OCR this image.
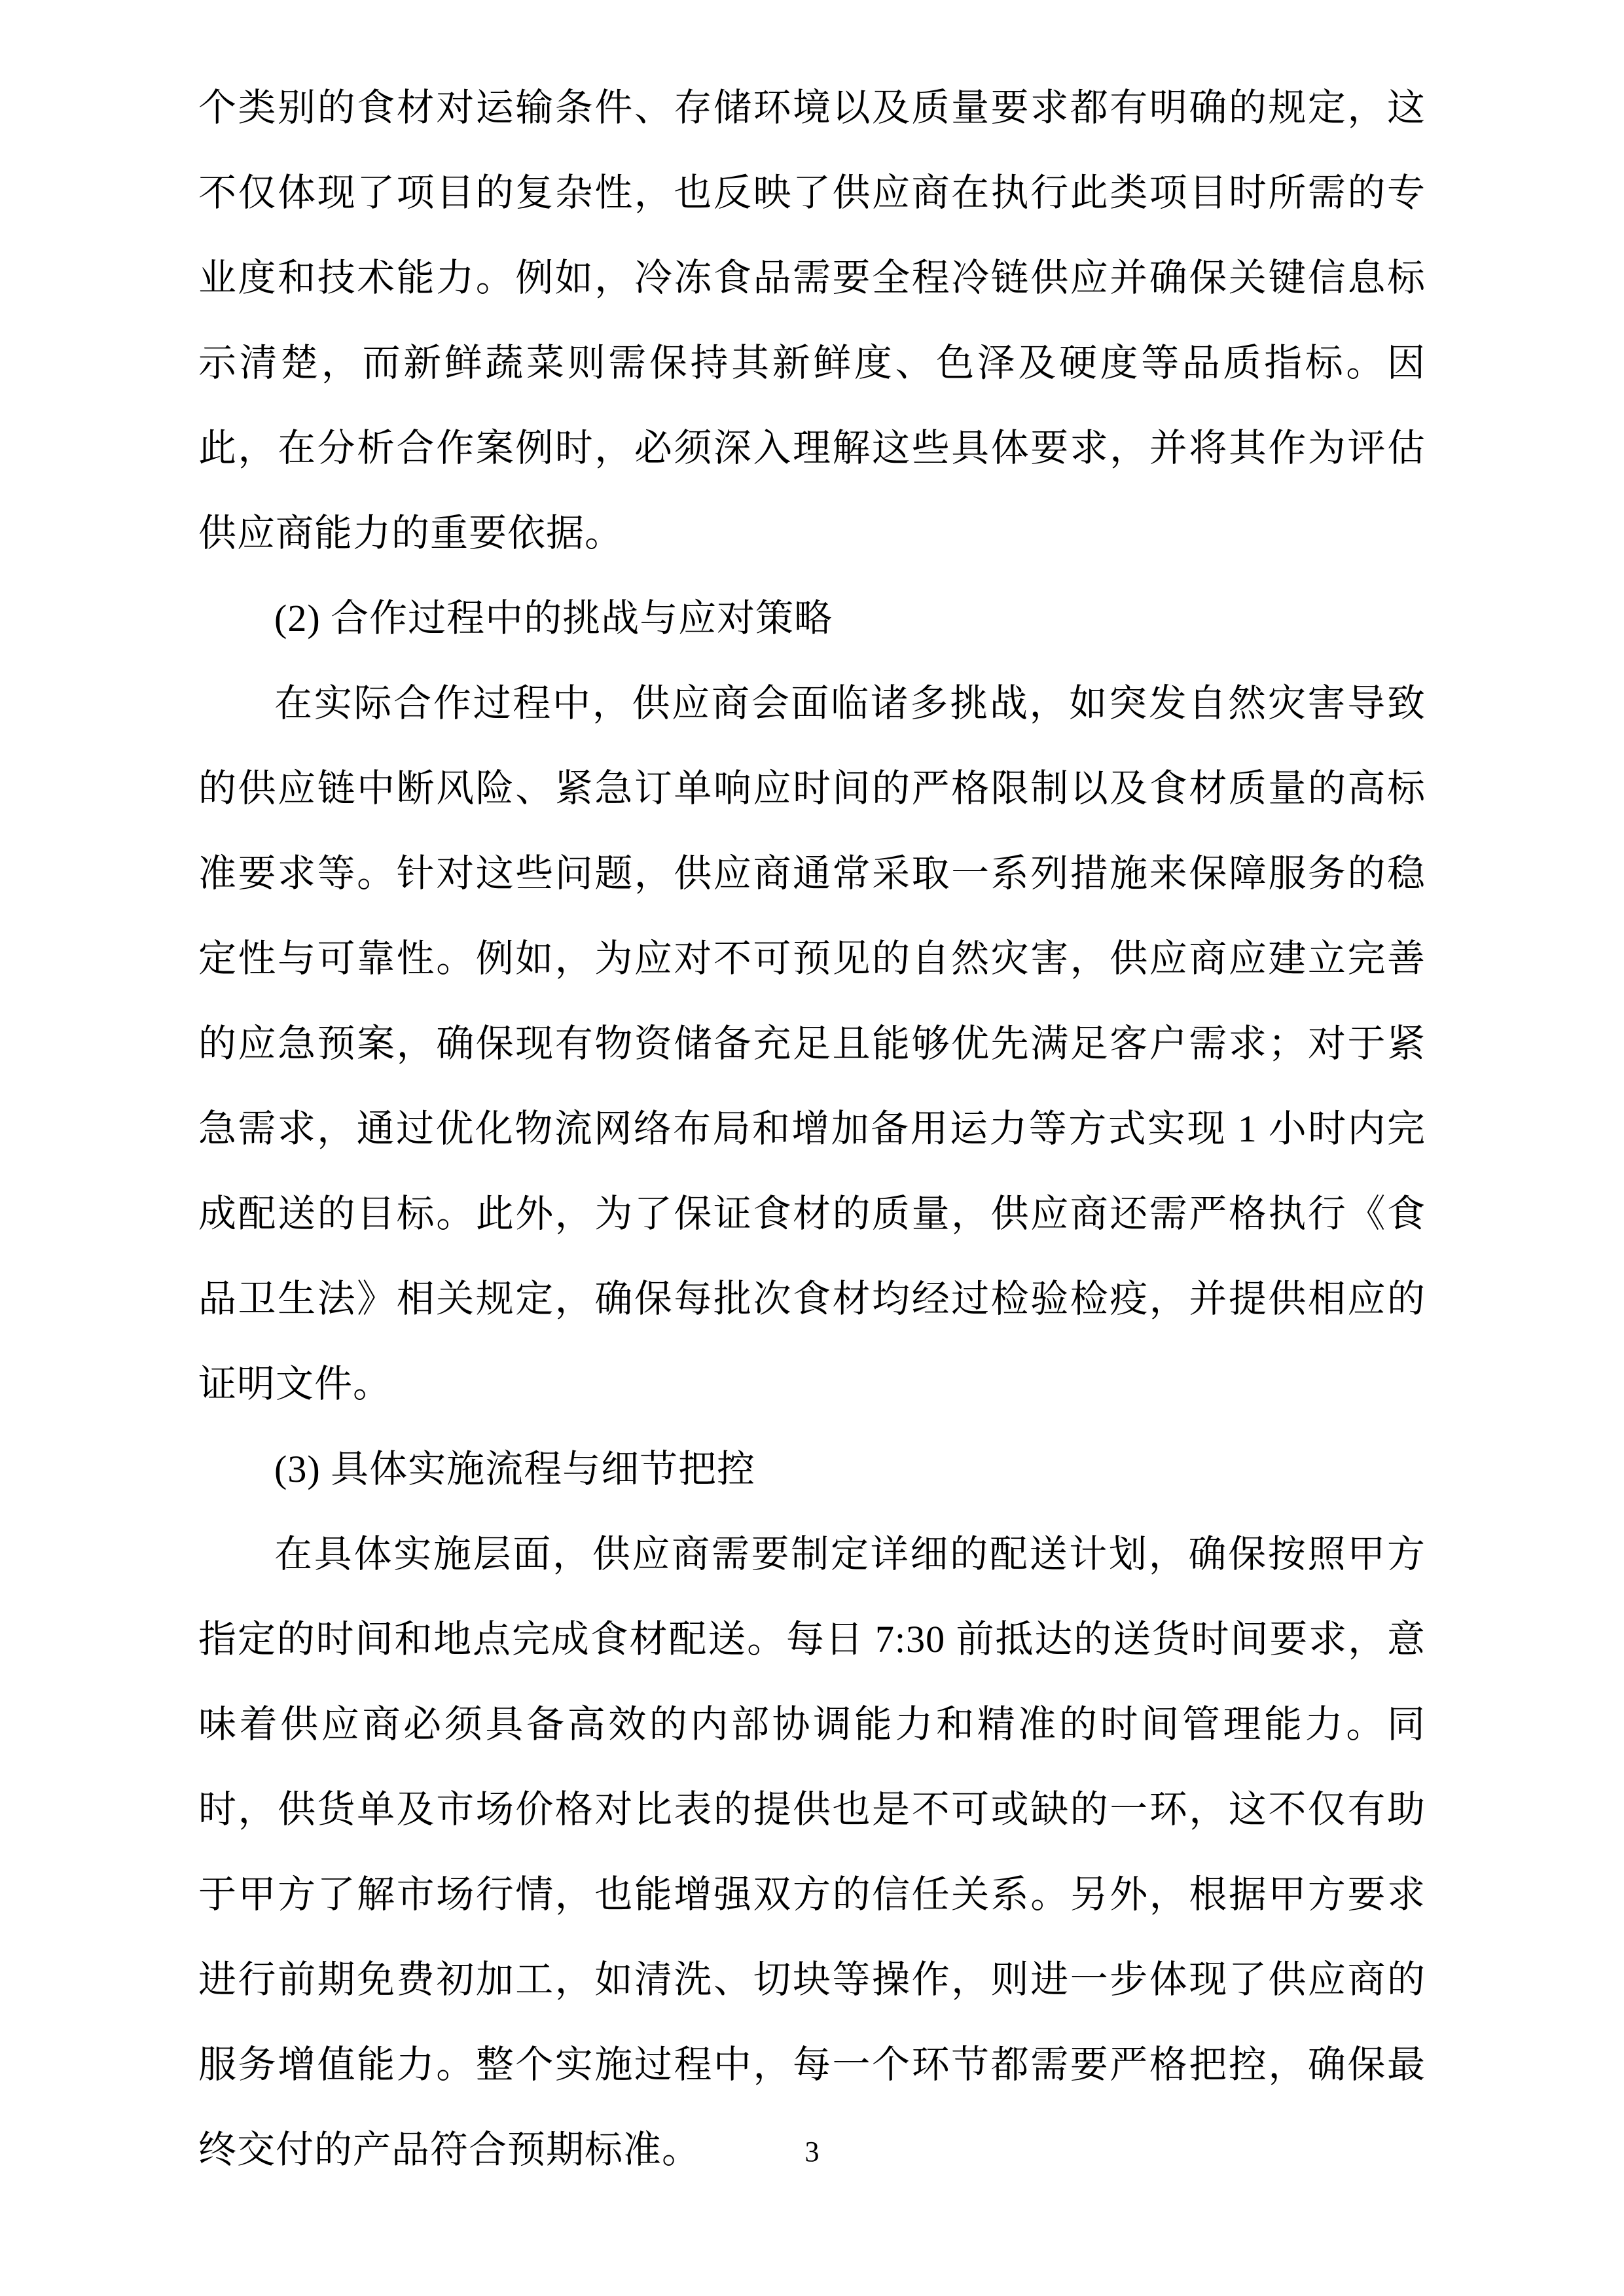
个类别的食材对运输条件、存储环境以及质量要求都有明确的规定，这不仅体现了项目的复杂性，也反映了供应商在执行此类项目时所需的专业度和技术能力。例如，冷冻食品需要全程冷链供应并确保关键信息标示清楚，而新鲜蔬菜则需保持其新鲜度、色泽及硬度等品质指标。因此，在分析合作案例时，必须深入理解这些具体要求，并将其作为评估供应商能力的重要依据。

(2) 合作过程中的挑战与应对策略

在实际合作过程中，供应商会面临诸多挑战，如突发自然灾害导致的供应链中断风险、紧急订单响应时间的严格限制以及食材质量的高标准要求等。针对这些问题，供应商通常采取一系列措施来保障服务的稳定性与可靠性。例如，为应对不可预见的自然灾害，供应商应建立完善的应急预案，确保现有物资储备充足且能够优先满足客户需求；对于紧急需求，通过优化物流网络布局和增加备用运力等方式实现 1 小时内完成配送的目标。此外，为了保证食材的质量，供应商还需严格执行《食品卫生法》相关规定，确保每批次食材均经过检验检疫，并提供相应的证明文件。

(3) 具体实施流程与细节把控

在具体实施层面，供应商需要制定详细的配送计划，确保按照甲方指定的时间和地点完成食材配送。每日 7:30 前抵达的送货时间要求，意味着供应商必须具备高效的内部协调能力和精准的时间管理能力。同时，供货单及市场价格对比表的提供也是不可或缺的一环，这不仅有助于甲方了解市场行情，也能增强双方的信任关系。另外，根据甲方要求进行前期免费初加工，如清洗、切块等操作，则进一步体现了供应商的服务增值能力。整个实施过程中，每一个环节都需要严格把控，确保最终交付的产品符合预期标准。	3
